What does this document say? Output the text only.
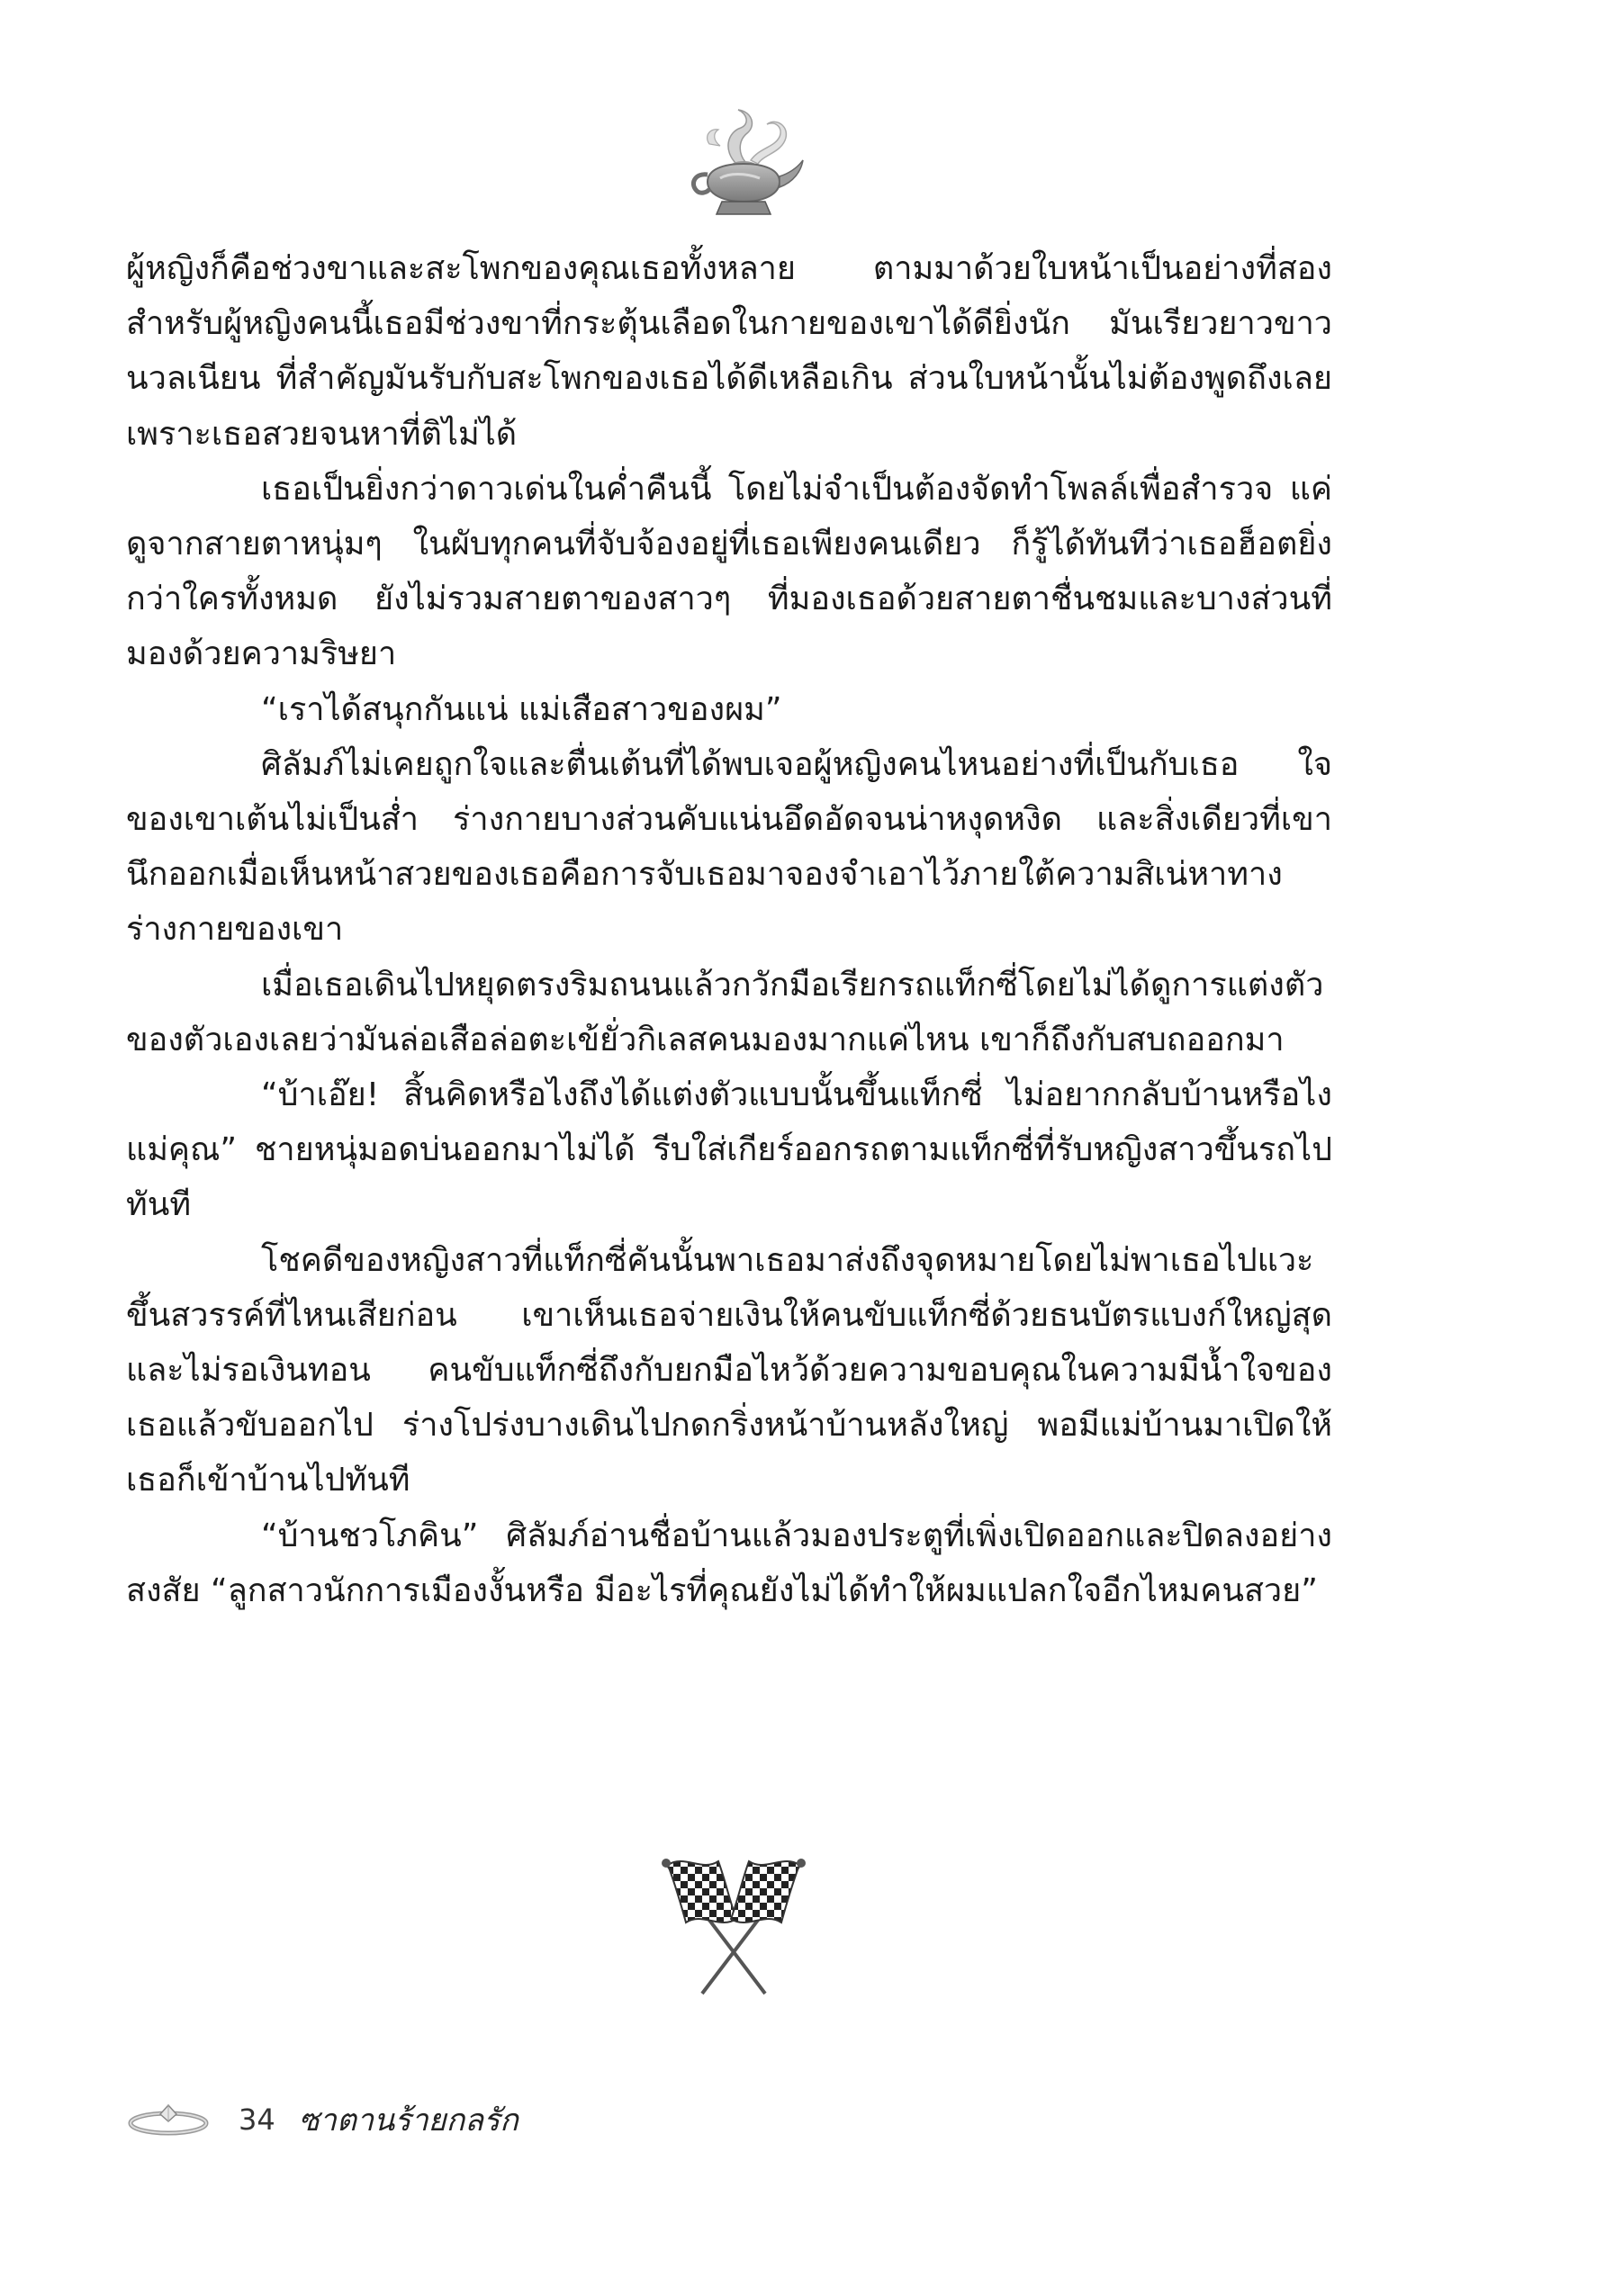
ผู้หญิงก็คือช่วงขาและสะโพกของคุณเธอทั้งหลาย ตามมาด้วยใบหน้าเป็นอย่างที่สอง สำหรับผู้หญิงคนนี้เธอมีช่วงขาที่กระตุ้นเลือดในกายของเขาได้ดียิ่งนัก มันเรียวยาวขาวนวลเนียน ที่สำคัญมันรับกับสะโพกของเธอได้ดีเหลือเกิน ส่วนใบหน้านั้นไม่ต้องพูดถึงเลย เพราะเธอสวยจนหาที่ติไม่ได้

เธอเป็นยิ่งกว่าดาวเด่นในค่ำคืนนี้ โดยไม่จำเป็นต้องจัดทำโพลล์เพื่อสำรวจ แค่ดูจากสายตาหนุ่มๆ ในผับทุกคนที่จับจ้องอยู่ที่เธอเพียงคนเดียว ก็รู้ได้ทันทีว่าเธอฮ็อตยิ่งกว่าใครทั้งหมด ยังไม่รวมสายตาของสาวๆ ที่มองเธอด้วยสายตาชื่นชมและบางส่วนที่มองด้วยความริษยา

“เราได้สนุกกันแน่ แม่เสือสาวของผม”

ศิลัมภ์ไม่เคยถูกใจและตื่นเต้นที่ได้พบเจอผู้หญิงคนไหนอย่างที่เป็นกับเธอ ใจของเขาเต้นไม่เป็นส่ำ ร่างกายบางส่วนคับแน่นอึดอัดจนน่าหงุดหงิด และสิ่งเดียวที่เขานึกออกเมื่อเห็นหน้าสวยของเธอคือการจับเธอมาจองจำเอาไว้ภายใต้ความสิเน่หาทางร่างกายของเขา

เมื่อเธอเดินไปหยุดตรงริมถนนแล้วกวักมือเรียกรถแท็กซี่โดยไม่ได้ดูการแต่งตัวของตัวเองเลยว่ามันล่อเสือล่อตะเข้ยั่วกิเลสคนมองมากแค่ไหน เขาก็ถึงกับสบถออกมา

“บ้าเอ๊ย! สิ้นคิดหรือไงถึงได้แต่งตัวแบบนั้นขึ้นแท็กซี่ ไม่อยากกลับบ้านหรือไงแม่คุณ” ชายหนุ่มอดบ่นออกมาไม่ได้ รีบใส่เกียร์ออกรถตามแท็กซี่ที่รับหญิงสาวขึ้นรถไปทันที

โชคดีของหญิงสาวที่แท็กซี่คันนั้นพาเธอมาส่งถึงจุดหมายโดยไม่พาเธอไปแวะขึ้นสวรรค์ที่ไหนเสียก่อน เขาเห็นเธอจ่ายเงินให้คนขับแท็กซี่ด้วยธนบัตรแบงก์ใหญ่สุดและไม่รอเงินทอน คนขับแท็กซี่ถึงกับยกมือไหว้ด้วยความขอบคุณในความมีน้ำใจของเธอแล้วขับออกไป ร่างโปร่งบางเดินไปกดกริ่งหน้าบ้านหลังใหญ่ พอมีแม่บ้านมาเปิดให้เธอก็เข้าบ้านไปทันที

“บ้านชวโภคิน” ศิลัมภ์อ่านชื่อบ้านแล้วมองประตูที่เพิ่งเปิดออกและปิดลงอย่างสงสัย “ลูกสาวนักการเมืองงั้นหรือ มีอะไรที่คุณยังไม่ได้ทำให้ผมแปลกใจอีกไหมคนสวย”

34 ซาตานร้ายกลรัก
